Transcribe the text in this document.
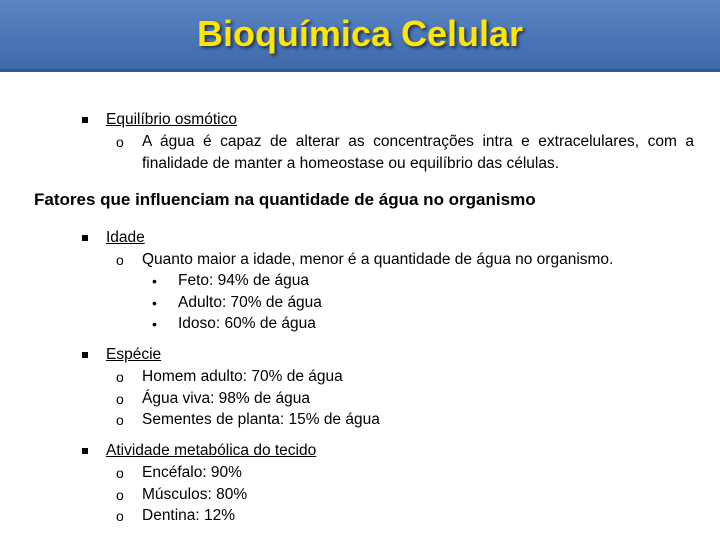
Bioquímica Celular
Equilíbrio osmótico
o A água é capaz de alterar as concentrações intra e extracelulares, com a finalidade de manter a homeostase ou equilíbrio das células.
Fatores que influenciam na quantidade de água no organismo
Idade
o Quanto maior a idade, menor é a quantidade de água no organismo.
• Feto: 94% de água
• Adulto: 70% de água
• Idoso: 60% de água
Espécie
o Homem adulto: 70% de água
o Água viva: 98% de água
o Sementes de planta: 15% de água
Atividade metabólica do tecido
o Encéfalo: 90%
o Músculos: 80%
o Dentina: 12%
